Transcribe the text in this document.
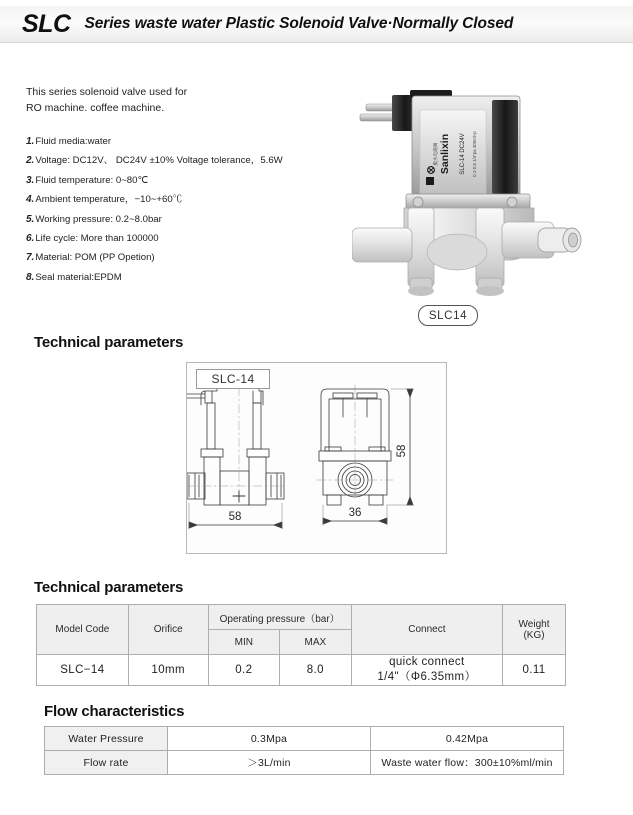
SLC Series waste water Plastic Solenoid Valve·Normally Closed
This series solenoid valve used for
RO machine. coffee machine.
1.Fluid media:water
2.Voltage: DC12V、 DC24V ±10% Voltage tolerance，5.6W
3.Fluid temperature: 0~80℃
4.Ambient temperature，−10~+60℃
5.Working pressure: 0.2~8.0bar
6.Life cycle: More than 100000
7.Material: POM (PP Opetion)
8.Seal material:EPDM
Sanlixin
废水电磁阀	SLC-14 DC24V 0.1-0.8 1/4"pa 300ml+p
SLC14
Technical parameters
58	36
58
SLC-14
Technical parameters
Model Code	Orifice	Operating pressure（bar）		Connect	Weight
(KG)

		MIN	MAX		
SLC−14	10mm	0.2	8.0	quick connect 1/4"（Φ6.35mm）	0.11
Flow characteristics
Water Pressure	0.3Mpa	0.42Mpa
Flow rate	＞3L/min	Waste water flow：300±10%ml/min
